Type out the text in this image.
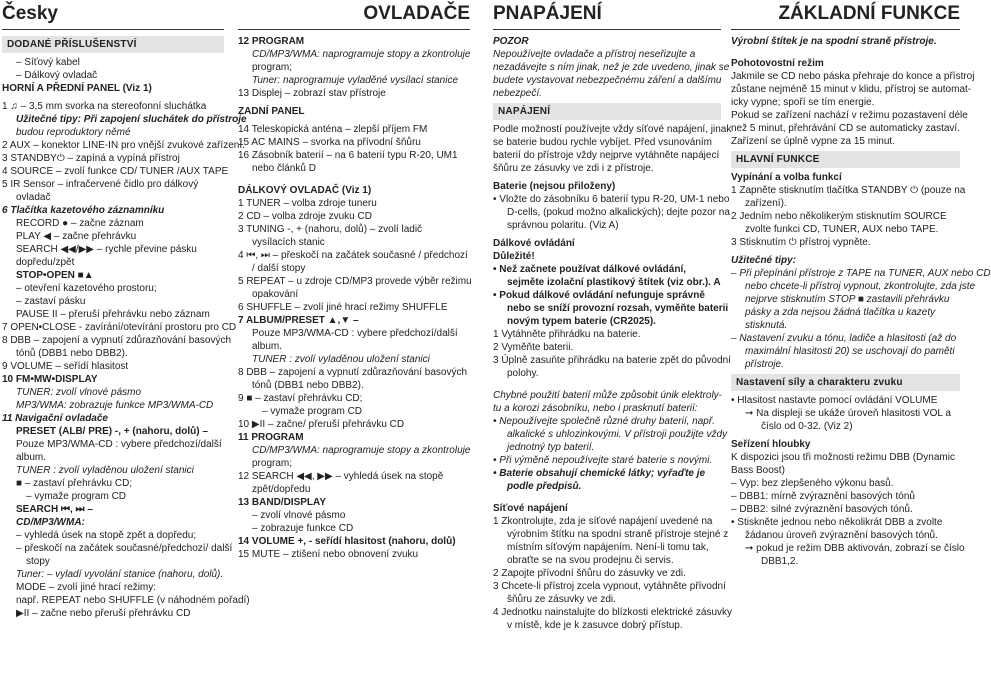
Česky
DODANÉ PŘÍSLUŠENSTVÍ
– Síťový kabel
– Dálkový ovladač
HORNÍ A PŘEDNÍ PANEL (Viz 1)
1 ♫ – 3,5 mm svorka na stereofonní sluchátka
Užitečné tipy: Při zapojení sluchátek do přístroje
budou reproduktory němé
2 AUX – konektor LINE-IN pro vnější zvukové zařízení.
3 STANDBY⏻ – zapíná a vypíná přístroj
4 SOURCE – zvolí funkce CD/ TUNER /AUX TAPE
5 IR Sensor – infračervené čidlo pro dálkový
ovladač
6 Tlačítka kazetového záznamníku
RECORD ● – začne záznam
PLAY ◀ – začne přehrávku
SEARCH ◀◀/▶▶ – rychle převine pásku
dopředu/zpět
STOP•OPEN ■▲
– otevření kazetového prostoru;
– zastaví pásku
PAUSE II – přeruší přehrávku nebo záznam
7 OPEN•CLOSE - zavírání/otevírání prostoru pro CD
8 DBB – zapojení a vypnutí zdůrazňování basových
tónů (DBB1 nebo DBB2).
9 VOLUME – seřídí hlasitost
10 FM•MW•DISPLAY
TUNER: zvolí vlnové pásmo
MP3/WMA: zobrazuje funkce MP3/WMA-CD
11 Navigační ovladače
PRESET (ALB/ PRE) -, + (nahoru, dolů) –
Pouze MP3/WMA-CD : vybere předchozí/další
album.
TUNER : zvolí vyladěnou uložení stanici
■ – zastaví přehrávku CD;
– vymaže program CD
SEARCH ⏮, ⏭ –
CD/MP3/WMA:
– vyhledá úsek na stopě zpět a dopředu;
– přeskočí na začátek současné/předchozí/ další
stopy
Tuner: – vyladí vyvolání stanice (nahoru, dolů).
MODE – zvolí jiné hrací režimy:
např. REPEAT nebo SHUFFLE (v náhodném pořadí)
▶II – začne nebo přeruší přehrávku CD
OVLADAČE
12 PROGRAM
CD/MP3/WMA: naprogramuje stopy a zkontroluje
program;
Tuner: naprogramuje vyladěné vysílací stanice
13 Displej – zobrazí stav přístroje
ZADNÍ PANEL
14 Teleskopická anténa – zlepší příjem FM
15 AC MAINS – svorka na přívodní šňůru
16 Zásobník baterií – na 6 baterií typu R-20, UM1
nebo článků D
DÁLKOVÝ OVLADAČ (Viz 1)
1 TUNER – volba zdroje tuneru
2 CD – volba zdroje zvuku CD
3 TUNING -, + (nahoru, dolů) – zvolí ladič
vysílacích stanic
4 ⏮, ⏭ – přeskočí na začátek současné / předchozí
/ další stopy
5 REPEAT – u zdroje CD/MP3 provede výběr režimu
opakování
6 SHUFFLE – zvolí jiné hrací režimy SHUFFLE
7 ALBUM/PRESET ▲,▼ –
Pouze MP3/WMA-CD : vybere předchozí/další
album.
TUNER : zvolí vyladěnou uložení stanici
8 DBB – zapojení a vypnutí zdůrazňování basových
tónů (DBB1 nebo DBB2).
9 ■ – zastaví přehrávku CD;
– vymaže program CD
10 ▶II – začne/ přeruší přehrávku CD
11 PROGRAM
CD/MP3/WMA: naprogramuje stopy a zkontroluje
program;
12 SEARCH ◀◀, ▶▶ – vyhledá úsek na stopě
zpět/dopředu
13 BAND/DISPLAY
– zvolí vlnové pásmo
– zobrazuje funkce CD
14 VOLUME +, - seřídí hlasitost (nahoru, dolů)
15 MUTE – ztišení nebo obnovení zvuku
PNAPÁJENÍ
POZOR
Nepoužívejte ovladače a přístroj neseřizujte a
nezadávejte s ním jinak, než je zde uvedeno, jinak se
budete vystavovat nebezpečnému záření a dalšímu
nebezpečí.
NAPÁJENÍ
Podle možností používejte vždy síťové napájení, jinak
se baterie budou rychle vybíjet. Před vsunováním
baterií do přístroje vždy nejprve vytáhněte napájecí
šňůru ze zásuvky ve zdi i z přístroje.
Baterie (nejsou přiloženy)
• Vložte do zásobníku 6 baterií typu R-20, UM-1 nebo
D-cells, (pokud možno alkalických); dejte pozor na
správnou polaritu. (Viz A)
Dálkové ovládání
Důležité!
• Než začnete používat dálkové ovládání,
sejměte izolační plastikový štítek (viz obr.). A
• Pokud dálkové ovládání nefunguje správně
nebo se sníží provozní rozsah, vyměňte baterii
novým typem baterie (CR2025).
1 Vytáhněte přihrádku na baterie.
2 Vyměňte baterii.
3 Úplně zasuňte přihrádku na baterie zpět do původní
polohy.
Chybné použití baterií může způsobit únik elektroly-
tu a korozi zásobníku, nebo i prasknutí baterií:
• Nepoužívejte společně různé druhy baterií, např.
alkalické s uhlozinkovými. V přístroji použijte vždy
jednotný typ baterií.
• Při výměně nepoužívejte staré baterie s novými.
• Baterie obsahují chemické látky; vyřaďte je
podle předpisů.
Síťové napájení
1 Zkontrolujte, zda je síťové napájení uvedené na
výrobním štítku na spodní straně přístroje stejné z
místním síťovým napájením. Není-li tomu tak,
obraťte se na svou prodejnu či servis.
2 Zapojte přívodní šňůru do zásuvky ve zdi.
3 Chcete-li přístroj zcela vypnout, vytáhněte přívodní
šňůru ze zásuvky ve zdi.
4 Jednotku nainstalujte do blízkosti elektrické zásuvky
v místě, kde je k zasuvce dobrý přístup.
ZÁKLADNÍ FUNKCE
Výrobní štítek je na spodní straně přístroje.
Pohotovostní režim
Jakmile se CD nebo páska přehraje do konce a přístroj
zůstane nejméně 15 minut v klidu, přístroj se automat-
icky vypne; spoří se tím energie.
Pokud se zařízení nachází v režimu pozastavení déle
než 5 minut, přehrávání CD se automaticky zastaví.
Zařízení se úplně vypne za 15 minut.
HLAVNÍ FUNKCE
Vypínání a volba funkcí
1 Zapněte stisknutím tlačítka STANDBY ⏻ (pouze na
zařízení).
2 Jedním nebo několikerým stisknutím SOURCE
zvolte funkci CD, TUNER, AUX nebo TAPE.
3 Stisknutím ⏻ přístroj vypněte.
Užitečné tipy:
– Při přepínání přístroje z TAPE na TUNER, AUX nebo CD
nebo chcete-li přístroj vypnout, zkontrolujte, zda jste
nejprve stisknutím STOP ■ zastavili přehrávku
pásky a zda nejsou žádná tlačítka u kazety
stisknutá.
– Nastavení zvuku a tónu, ladiče a hlasitosti (až do
maximální hlasitosti 20) se uschovají do paměti
přístroje.
Nastavení síly a charakteru zvuku
• Hlasitost nastavte pomocí ovládání VOLUME
➞ Na displeji se ukáže úroveň hlasitosti VOL a
číslo od 0-32. (Viz 2)
Seřízení hloubky
K dispozici jsou tři možnosti režimu DBB (Dynamic
Bass Boost)
– Vyp: bez zlepšeného výkonu basů.
– DBB1: mírně zvýraznění basových tónů
– DBB2: silné zvýraznění basových tónů.
• Stiskněte jednou nebo několikrát DBB a zvolte
žádanou úroveň zvýraznění basových tónů.
➞ pokud je režim DBB aktivován, zobrazí se číslo
DBB1,2.
